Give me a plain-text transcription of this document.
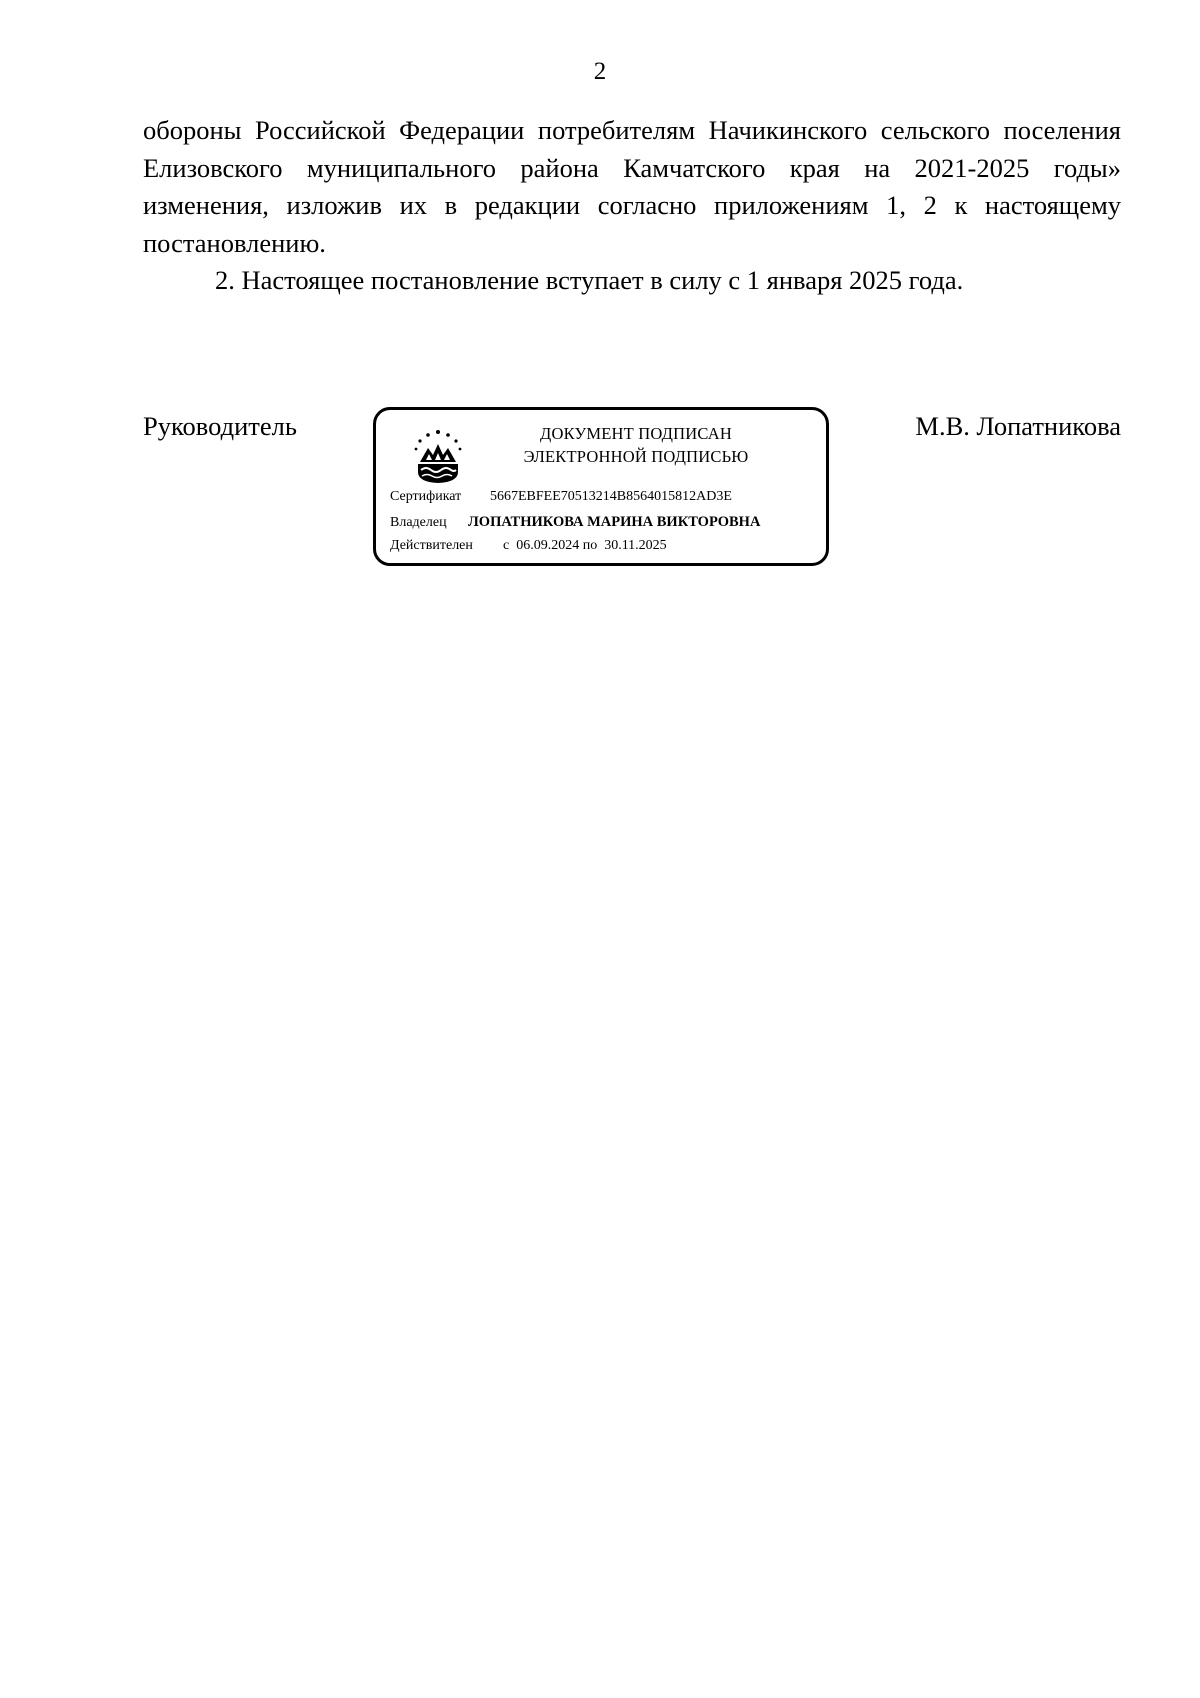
2

обороны Российской Федерации потребителям Начикинского сельского поселения Елизовского муниципального района Камчатского края на 2021-2025 годы» изменения, изложив их в редакции согласно приложениям 1, 2 к настоящему постановлению.

2. Настоящее постановление вступает в силу с 1 января 2025 года.

Руководитель	М.В. Лопатникова
ДОКУМЕНТ ПОДПИСАН
ЭЛЕКТРОННОЙ ПОДПИСЬЮ
Сертификат 5667EBFEE70513214B8564015812AD3E
Владелец ЛОПАТНИКОВА МАРИНА ВИКТОРОВНА
Действителен с  06.09.2024 по  30.11.2025
